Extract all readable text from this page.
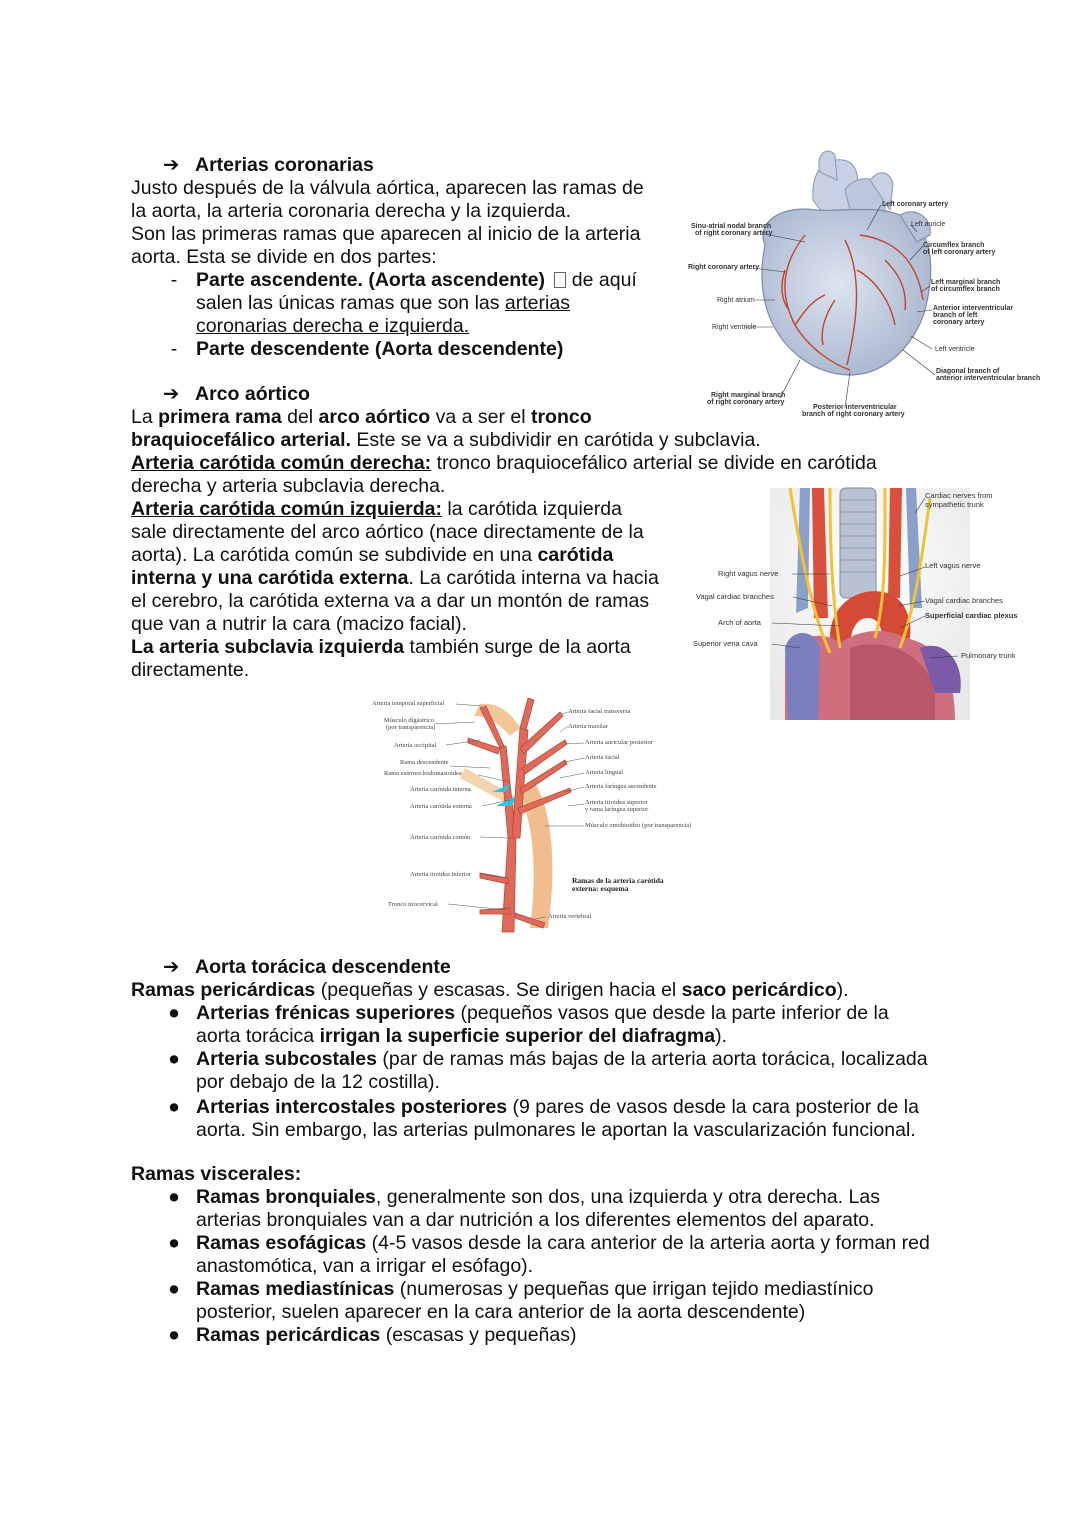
➔ Arterias coronarias
Justo después de la válvula aórtica, aparecen las ramas de
la aorta, la arteria coronaria derecha y la izquierda.
Son las primeras ramas que aparecen al inicio de la arteria
aorta. Esta se divide en dos partes:
- Parte ascendente. (Aorta ascendente)  de aquí
salen las únicas ramas que son las arterias
coronarias derecha e izquierda.
- Parte descendente (Aorta descendente)
Sinu-atrial nodal branch
of right coronary artery
Right coronary artery
Right atrium
Right ventricle
Right marginal branch
of right coronary artery
Posterior interventricular
branch of right coronary artery
Left coronary artery
Left auricle
Circumflex branch
of left coronary artery
Left marginal branch
of circumflex branch
Anterior interventricular
branch of left
coronary artery
Left ventricle
Diagonal branch of
anterior interventricular branch
➔ Arco aórtico
La primera rama del arco aórtico va a ser el tronco
braquiocefálico arterial. Este se va a subdividir en carótida y subclavia.
Arteria carótida común derecha: tronco braquiocefálico arterial se divide en carótida
derecha y arteria subclavia derecha.
Arteria carótida común izquierda: la carótida izquierda
sale directamente del arco aórtico (nace directamente de la
aorta). La carótida común se subdivide en una carótida
interna y una carótida externa. La carótida interna va hacia
el cerebro, la carótida externa va a dar un montón de ramas
que van a nutrir la cara (macizo facial).
La arteria subclavia izquierda también surge de la aorta
directamente.
Cardiac nerves from
sympathetic trunk
Right vagus nerve
Vagal cardiac branches
Left vagus nerve
Arch of aorta
Superior vena cava
Vagal cardiac branches
Superficial cardiac plexus
Pulmonary trunk
Arteria temporal superficial
Músculo digástrico
(por transparencia)
Arteria occipital
Rama descendente
Rama esternocleidomastoidea
Arteria carótida interna
Arteria carótida externa
Arteria carótida común
Arteria tiroidea inferior
Tronco tirocervical
Arteria facial transversa
Arteria maxilar
Arteria auricular posterior
Arteria facial
Arteria lingual
Arteria faríngea ascendente
Arteria tiroidea superior
y rama laríngea superior
Músculo omohioideo (por transparencia)
Ramas de la arteria carótida
externa: esquema
Arteria vertebral
➔ Aorta torácica descendente
Ramas pericárdicas (pequeñas y escasas. Se dirigen hacia el saco pericárdico).
● Arterias frénicas superiores (pequeños vasos que desde la parte inferior de la
aorta torácica irrigan la superficie superior del diafragma).
● Arteria subcostales (par de ramas más bajas de la arteria aorta torácica, localizada
por debajo de la 12 costilla).
● Arterias intercostales posteriores (9 pares de vasos desde la cara posterior de la
aorta. Sin embargo, las arterias pulmonares le aportan la vascularización funcional.
Ramas viscerales:
● Ramas bronquiales, generalmente son dos, una izquierda y otra derecha. Las
arterias bronquiales van a dar nutrición a los diferentes elementos del aparato.
● Ramas esofágicas (4-5 vasos desde la cara anterior de la arteria aorta y forman red
anastomótica, van a irrigar el esófago).
● Ramas mediastínicas (numerosas y pequeñas que irrigan tejido mediastínico
posterior, suelen aparecer en la cara anterior de la aorta descendente)
● Ramas pericárdicas (escasas y pequeñas)
